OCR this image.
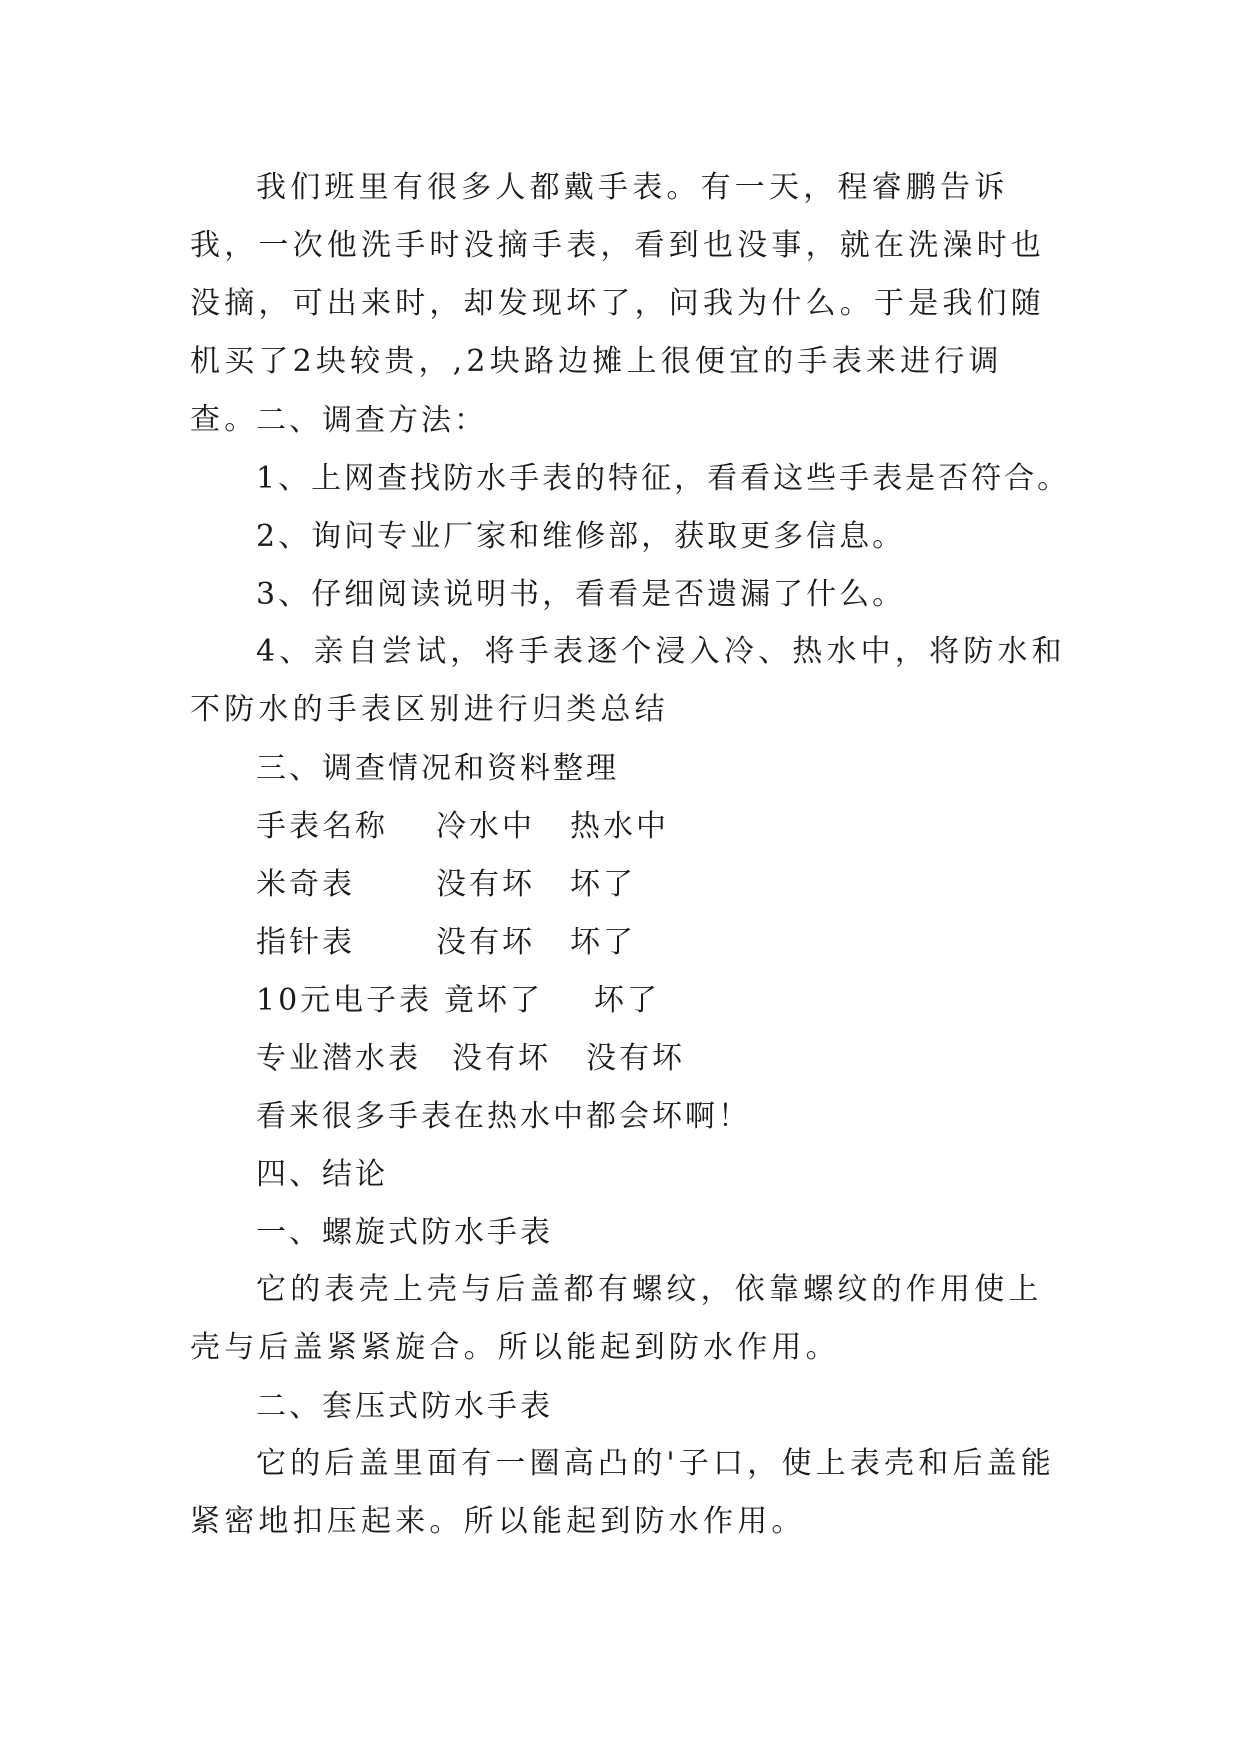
我们班里有很多人都戴手表。有一天，程睿鹏告诉我，一次他洗手时没摘手表，看到也没事，就在洗澡时也没摘，可出来时，却发现坏了，问我为什么。于是我们随机买了2块较贵，,2块路边摊上很便宜的手表来进行调查。

二、调查方法：
1、上网查找防水手表的特征，看看这些手表是否符合。
2、询问专业厂家和维修部，获取更多信息。
3、仔细阅读说明书，看看是否遗漏了什么。

4、亲自尝试，将手表逐个浸入冷、热水中，将防水和不防水的手表区别进行归类总结

三、调查情况和资料整理
手表名称 冷水中 热水中
米奇表	没有坏 坏了
指针表	没有坏 坏了
10元电子表 竟坏了 坏了
专业潜水表 没有坏 没有坏
看来很多手表在热水中都会坏啊！
四、结论
一、螺旋式防水手表

它的表壳上壳与后盖都有螺纹，依靠螺纹的作用使上壳与后盖紧紧旋合。所以能起到防水作用。

二、套压式防水手表

它的后盖里面有一圈高凸的'子口，使上表壳和后盖能紧密地扣压起来。所以能起到防水作用。
